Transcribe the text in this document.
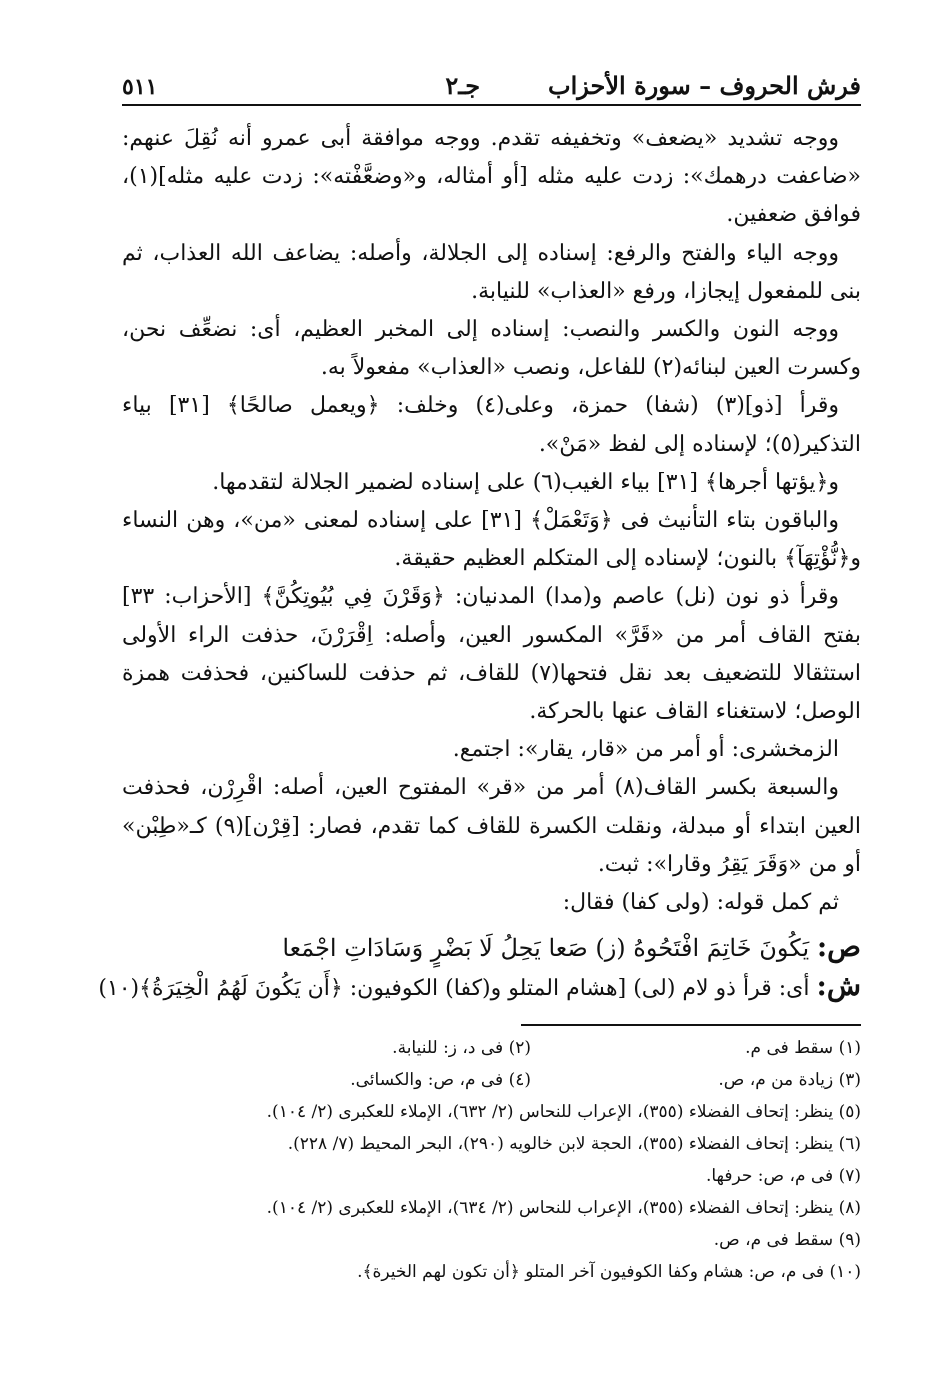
فرش الحروف – سورة الأحزاب
جـ٢
٥١١

ووجه تشديد «يضعف» وتخفيفه تقدم. ووجه موافقة أبى عمرو أنه نُقِلَ عنهم: «ضاعفت درهمك»: زدت عليه مثله [أو أمثاله، و«وضعَّفْته»: زدت عليه مثله](١)، فوافق ضعفين.

ووجه الياء والفتح والرفع: إسناده إلى الجلالة، وأصله: يضاعف الله العذاب، ثم بنى للمفعول إيجازا، ورفع «العذاب» للنيابة.

ووجه النون والكسر والنصب: إسناده إلى المخبر العظيم، أى: نضعِّف نحن، وكسرت العين لبنائه(٢) للفاعل، ونصب «العذاب» مفعولاً به.

وقرأ [ذو](٣) (شفا) حمزة، وعلى(٤) وخلف: ﴿ويعمل صالحًا﴾ [٣١] بياء التذكير(٥)؛ لإسناده إلى لفظ «مَنْ».

و﴿يؤتها أجرها﴾ [٣١] بياء الغيب(٦) على إسناده لضمير الجلالة لتقدمها.

والباقون بتاء التأنيث فى ﴿وَتَعْمَلْ﴾ [٣١] على إسناده لمعنى «من»، وهن النساء و﴿نُّؤْتِهَآ﴾ بالنون؛ لإسناده إلى المتكلم العظيم حقيقة.

وقرأ ذو نون (نل) عاصم و(مدا) المدنيان: ﴿وَقَرْنَ فِي بُيُوتِكُنَّ﴾ [الأحزاب: ٣٣] بفتح القاف أمر من «قَرَّ» المكسور العين، وأصله: اِقْرَرْنَ، حذفت الراء الأولى استثقالا للتضعيف بعد نقل فتحها(٧) للقاف، ثم حذفت للساكنين، فحذفت همزة الوصل؛ لاستغناء القاف عنها بالحركة.

الزمخشرى: أو أمر من «قار، يقار»: اجتمع.

والسبعة بكسر القاف(٨) أمر من «قر» المفتوح العين، أصله: اقْرِرْن، فحذفت العين ابتداء أو مبدلة، ونقلت الكسرة للقاف كما تقدم، فصار: [قِرْن](٩) كـ«طِبْن» أو من «وَقَرَ يَقِرُ وقارا»: ثبت.

ثم كمل قوله: (ولى كفا) فقال:

ص: يَكُونَ خَاتِمَ افْتَحُوهُ (ز) صَعا يَحِلُ لَا بَضْرٍ وَسَادَاتِ اجْمَعا
ش: أى: قرأ ذو لام (لى) [هشام المتلو و(كفا) الكوفيون: ﴿أَن يَكُونَ لَهُمُ الْخِيَرَةُ﴾(١٠)
(١) سقط فى م.
(٢) فى د، ز: للنيابة.
(٣) زيادة من م، ص.
(٤) فى م، ص: والكسائى.
(٥) ينظر: إتحاف الفضلاء (٣٥٥)، الإعراب للنحاس (٢/ ٦٣٢)، الإملاء للعكبرى (٢/ ١٠٤).
(٦) ينظر: إتحاف الفضلاء (٣٥٥)، الحجة لابن خالويه (٢٩٠)، البحر المحيط (٧/ ٢٢٨).
(٧) فى م، ص: حرفها.
(٨) ينظر: إتحاف الفضلاء (٣٥٥)، الإعراب للنحاس (٢/ ٦٣٤)، الإملاء للعكبرى (٢/ ١٠٤).
(٩) سقط فى م، ص.
(١٠) فى م، ص: هشام وكفا الكوفيون آخر المتلو ﴿أن تكون لهم الخيرة﴾.
